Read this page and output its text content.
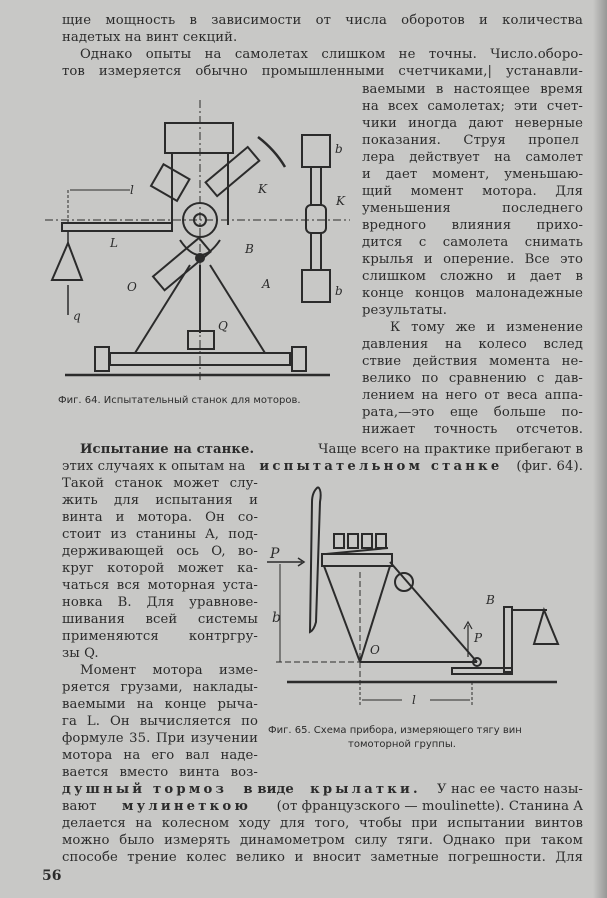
щие мощность в зависимости от числа оборотов и количества
надетых на винт секций.
Однако опыты на самолетах слишком не точны. Число.оборо-
тов измеряется обычно промышленными счетчиками,| устанавли-
ваемыми в настоящее время
на всех самолетах; эти счет-
чики иногда дают неверные
показания. Струя пропел
лера действует на самолет
и дает момент, уменьшаю-
щий момент мотора. Для
уменьшения последнего
вредного влияния прихо-
дится с самолета снимать
крылья и оперение. Все это
слишком сложно и дает в
конце концов малонадежные
результаты.
К тому же и изменение
давления на колесо вслед
ствие действия момента не-
велико по сравнению с дав-
лением на него от веса аппа-
рата,—это еще больше по-
нижает точность отсчетов.
l	K
L	B
O	A
q
Q
b
K
b
Фиг. 64. Испытательный станок для моторов.
Испытание на станке.	Чаще всего на практике прибегают в
этих случаях к опытам на испытательном станке (фиг. 64).
Такой станок может слу-
жить для испытания и
винта и мотора. Он со-
стоит из станины A, под-
держивающей ось O, во-
круг которой может ка-
чаться вся моторная уста-
новка B. Для уравнове-
шивания всей системы
применяются контргру-
зы Q.
Момент мотора изме-
ряется грузами, наклады-
ваемыми на конце рыча-
га L. Он вычисляется по
формуле 35. При изучении
мотора на его вал наде-
вается вместо винта воз-
P
b
O
P
B
l
Фиг. 65. Схема прибора, измеряющего тягу вин
томоторной группы.
душный тормоз в виде крылатки. У нас ее часто назы-
вают мулинеткою (от французского — moulinette). Станина A
делается на колесном ходу для того, чтобы при испытании винтов
можно было измерять динамометром силу тяги. Однако при таком
способе трение колес велико и вносит заметные погрешности. Для
56
